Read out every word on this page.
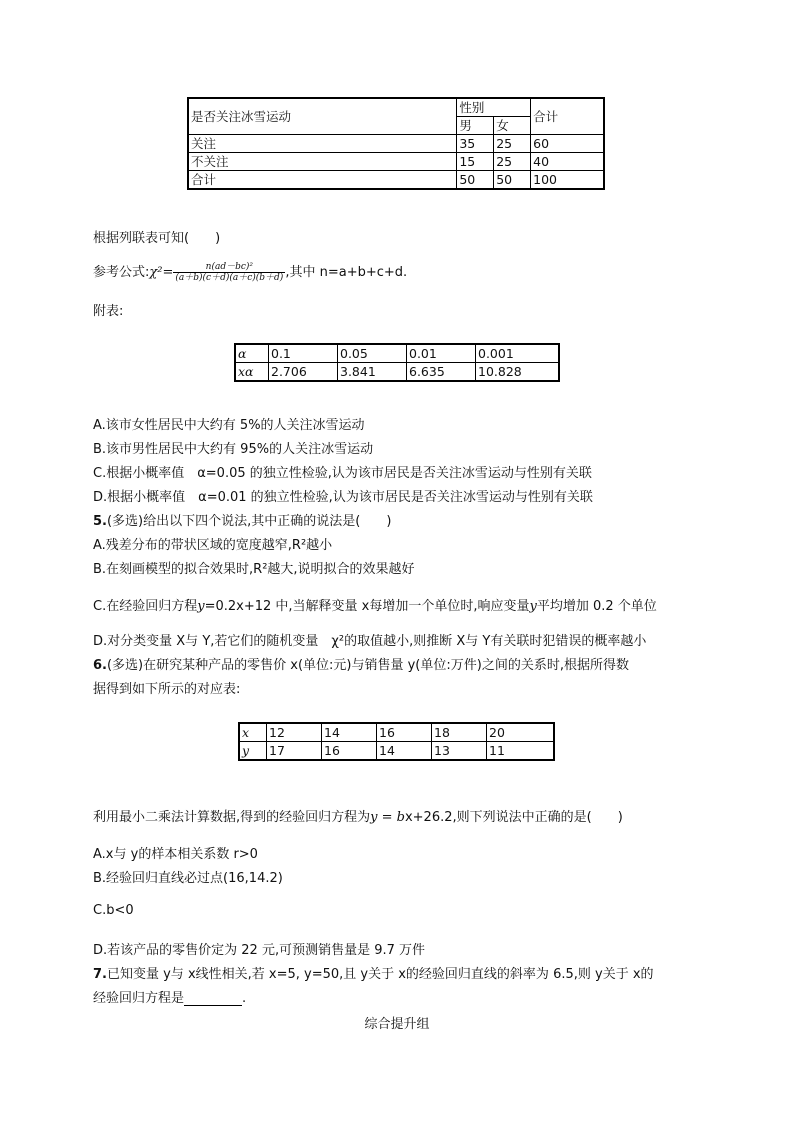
是否关注冰雪运动	性别		合计
	男	女	
关注	35	25	60
不关注	15	25	40
合计	50	50	100
根据列联表可知(　　)
参考公式:χ²= $\frac{\text{n(ad－bc)²}}{(a+b)(c+d)(a+c)(b+d)}$ ,其中 n=a+b+c+d.
附表:
α	0.1	0.05	0.01	0.001
xα	2.706	3.841	6.635	10.828
A.该市女性居民中大约有 5%的人关注冰雪运动
B.该市男性居民中大约有 95%的人关注冰雪运动
C.根据小概率值　α=0.05 的独立性检验,认为该市居民是否关注冰雪运动与性别有关联
D.根据小概率值　α=0.01 的独立性检验,认为该市居民是否关注冰雪运动与性别有关联
5.(多选)给出以下四个说法,其中正确的说法是(　　)
A.残差分布的带状区域的宽度越窄,R²越小
B.在刻画模型的拟合效果时,R²越大,说明拟合的效果越好
C.在经验回归方程y=0.2x+12 中,当解释变量 x每增加一个单位时,响应变量y平均增加 0.2 个单位
D.对分类变量 X与 Y,若它们的随机变量　χ²的取值越小,则推断 X与 Y有关联时犯错误的概率越小
6.(多选)在研究某种产品的零售价 x(单位:元)与销售量 y(单位:万件)之间的关系时,根据所得数
据得到如下所示的对应表:
x	12	14	16	18	20
y	17	16	14	13	11
利用最小二乘法计算数据,得到的经验回归方程为y = bx+26.2,则下列说法中正确的是(　　)
A.x与 y的样本相关系数 r>0
B.经验回归直线必过点(16,14.2)
C.b<0
D.若该产品的零售价定为 22 元,可预测销售量是 9.7 万件
7.已知变量 y与 x线性相关,若 x=5, y=50,且 y关于 x的经验回归直线的斜率为 6.5,则 y关于 x的
经验回归方程是	.
综合提升组
